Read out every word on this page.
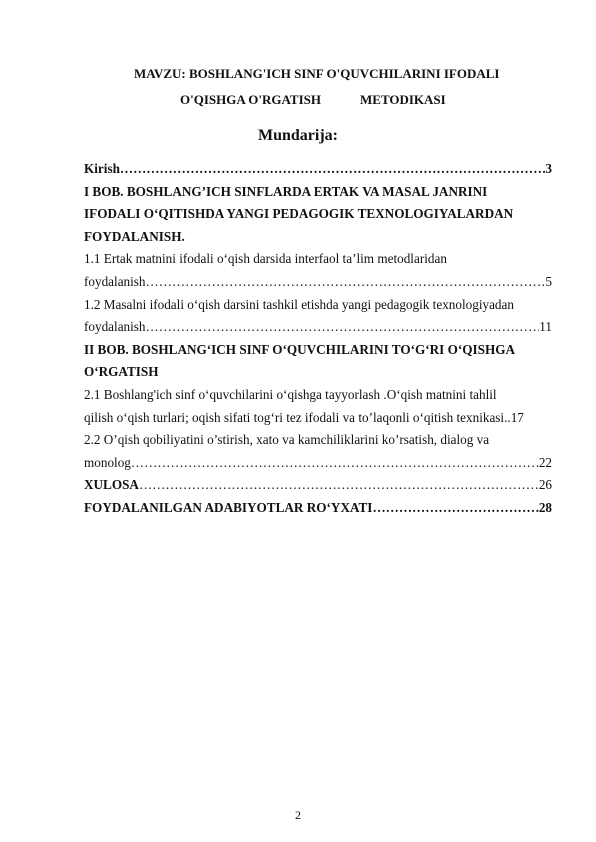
MAVZU: BOSHLANG'ICH SINF O'QUVCHILARINI IFODALI
O'QISHGA O'RGATISH	METODIKASI
Mundarija:
Kirish ……………………………………………………………………………………………………………………………………………………………	3
I BOB. BOSHLANG’ICH SINFLARDA ERTAK VA MASAL JANRINI
IFODALI O‘QITISHDA YANGI PEDAGOGIK TEXNOLOGIYALARDAN
FOYDALANISH.
1.1 Ertak matnini ifodali o‘qish darsida interfaol ta’lim metodlaridan
foydalanish ……………………………………………………………………………………………………………………………………………………………	5
1.2 Masalni ifodali o‘qish darsini tashkil etishda yangi pedagogik texnologiyadan
foydalanish ……………………………………………………………………………………………………………………………………………………………	11
II BOB. BOSHLANG‘ICH SINF O‘QUVCHILARINI TO‘G‘RI O‘QISHGA
O‘RGATISH
2.1 Boshlang'ich sinf o‘quvchilarini o‘qishga tayyorlash .O‘qish matnini tahlil
qilish o‘qish turlari; oqish sifati tog‘ri tez ifodali va to’laqonli o‘qitish texnikasi..17
2.2 O’qish qobiliyatini o’stirish, xato va kamchiliklarini ko’rsatish, dialog va
monolog ……………………………………………………………………………………………………………………………………………………………	22
XULOSA ……………………………………………………………………………………………………………………………………………………………	26
FOYDALANILGAN ADABIYOTLAR RO‘YXATI ……………………………………………………………………………………………………………………………………………………………	28
2
